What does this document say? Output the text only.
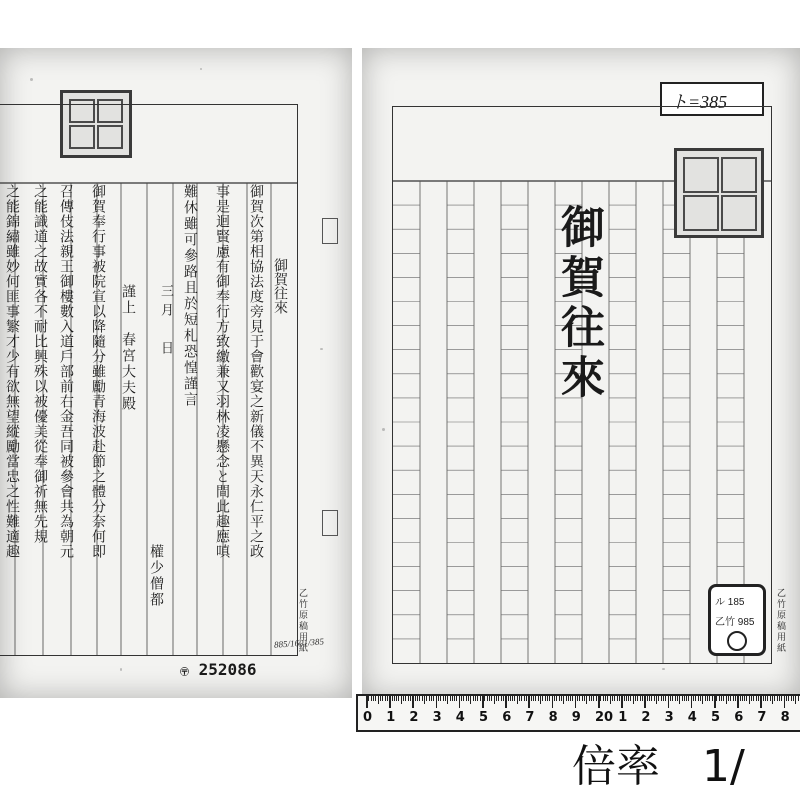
御賀往來
御賀次第相協法度旁見于會歡宴之新儀不異天永仁平之政
事是迴賢慮有御奉行方致繳兼又羽林凌懸念と間此趣應嗔
難休雖可參路且於短札恐惶謹言
三月　日
謹上　春宮大夫殿
權少僧都
御賀奉行事被院宣以降隨分雖勵青海波赴節之體分奈何即
召傳伎法親王御樓數入道戶部前右金吾同被參會共為朝元
之能識道之故實各不耐比興殊以被優美從奉御祈無先規
之能錦繡雖妙何匪事繁才少有欲無望縱勵當忠之性難適趣
乙竹原稿用紙
〶 252086
885/1601/385
ト=385
御賀往來
乙竹原稿用紙
ル 185
乙竹 985
0 1 2 3 4 5 6 7 8 9 20 1 2 3 4 5 6 7 8
倍率 1/
